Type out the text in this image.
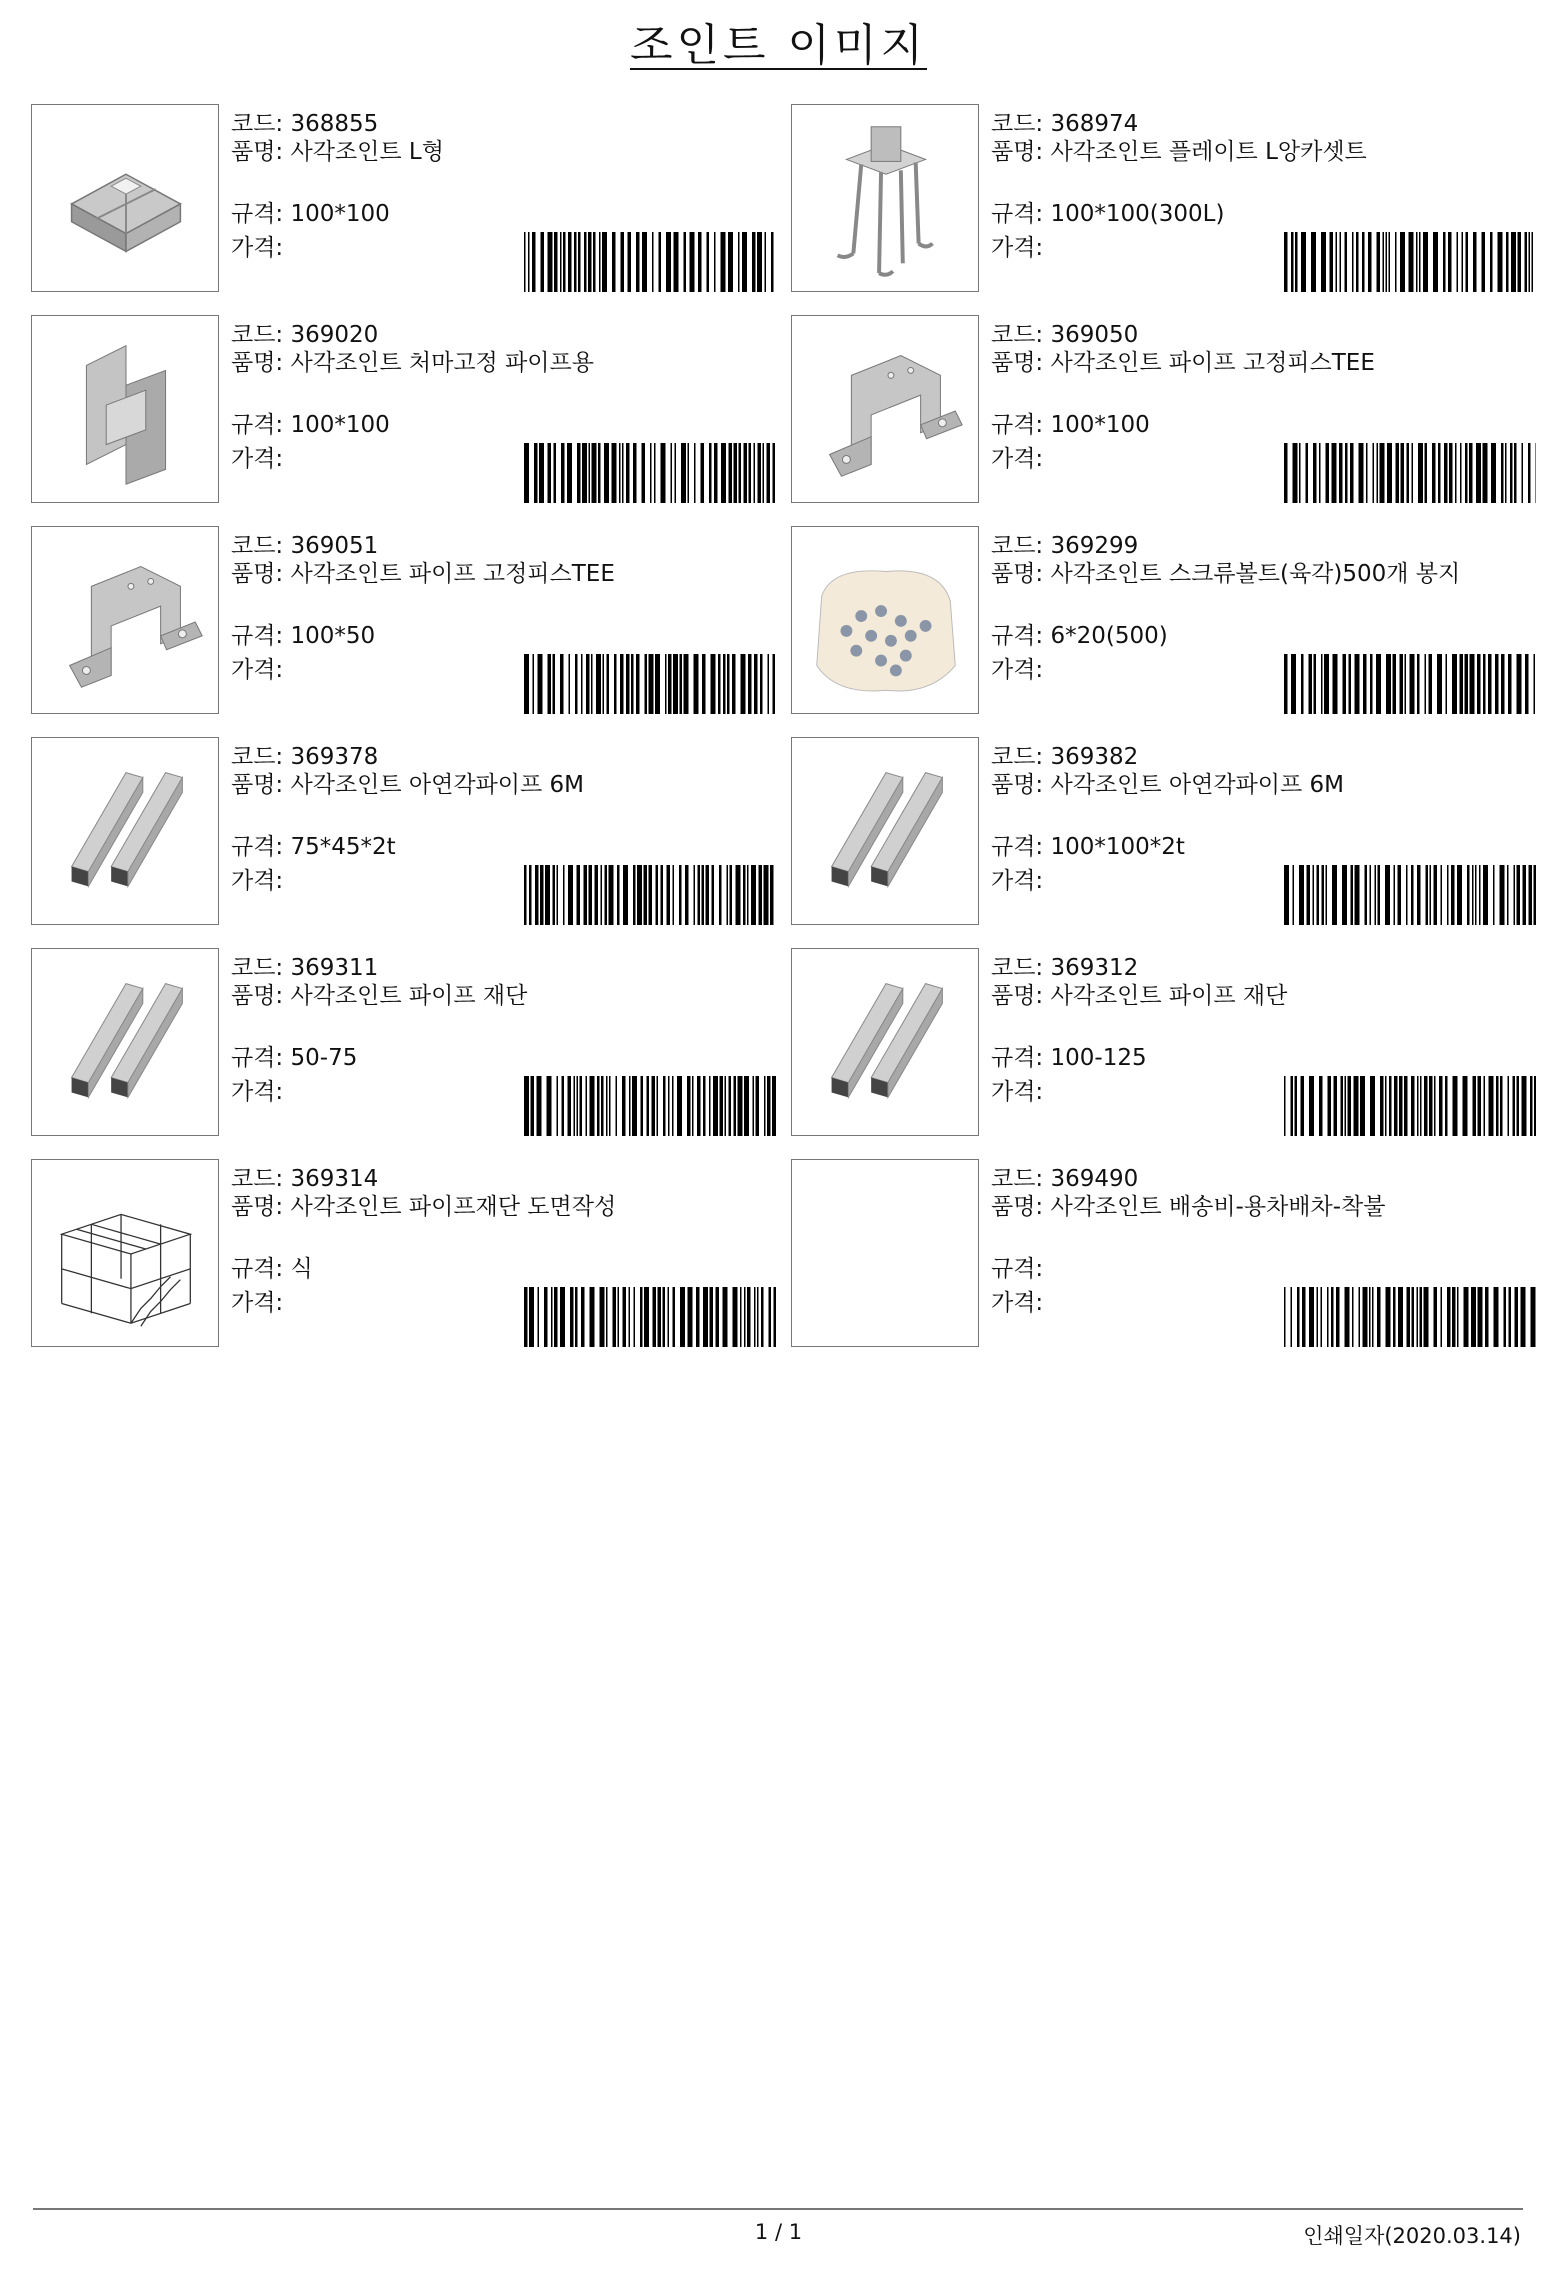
조인트 이미지
코드: 368855
품명: 사각조인트 L형
규격: 100*100
가격:
코드: 368974
품명: 사각조인트 플레이트 L앙카셋트
규격: 100*100(300L)
가격:
코드: 369020
품명: 사각조인트 처마고정 파이프용
규격: 100*100
가격:
코드: 369050
품명: 사각조인트 파이프 고정피스TEE
규격: 100*100
가격:
코드: 369051
품명: 사각조인트 파이프 고정피스TEE
규격: 100*50
가격:
코드: 369299
품명: 사각조인트 스크류볼트(육각)500개 봉지
규격: 6*20(500)
가격:
코드: 369378
품명: 사각조인트 아연각파이프 6M
규격: 75*45*2t
가격:
코드: 369382
품명: 사각조인트 아연각파이프 6M
규격: 100*100*2t
가격:
코드: 369311
품명: 사각조인트 파이프 재단
규격: 50-75
가격:
코드: 369312
품명: 사각조인트 파이프 재단
규격: 100-125
가격:
코드: 369314
품명: 사각조인트 파이프재단 도면작성
규격: 식
가격:
코드: 369490
품명: 사각조인트 배송비-용차배차-착불
규격:
가격:
1 / 1	인쇄일자(2020.03.14)
